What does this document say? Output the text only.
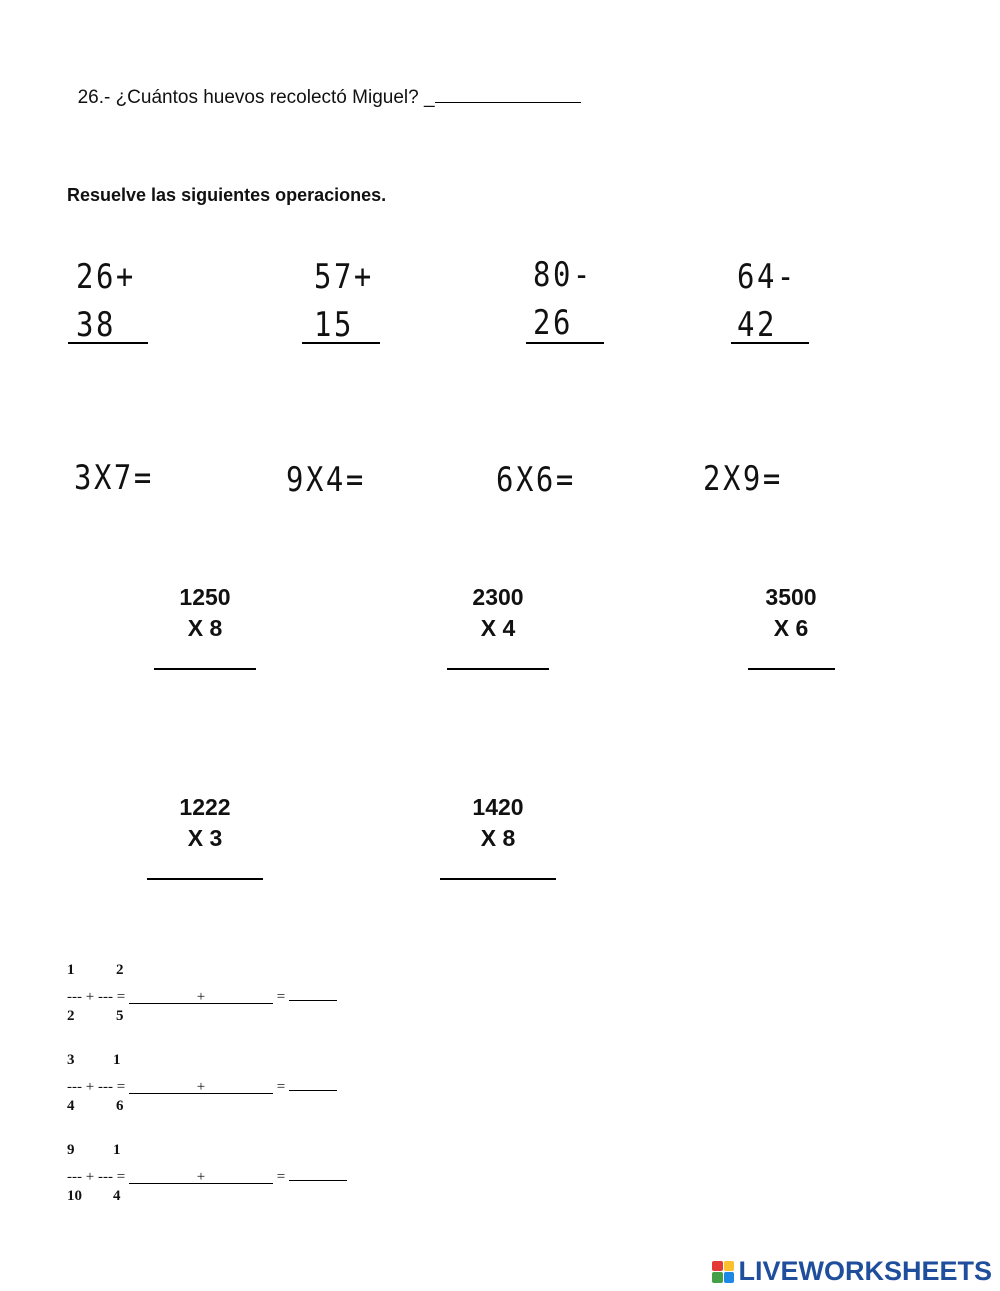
26.- ¿Cuántos huevos recolectó Miguel? _

Resuelve las siguientes operaciones.
26+
38
57+
15
80-
26
64-
42
3X7=	9X4=	6X6=	2X9=
1250
X 8
2300
X 4
3500
X 6
1222
X 3
1420
X 8
1	2
--- + --- =	+	=
2	5
3	1
--- + --- =	+	=
4	6
9	1
--- + --- =	+	=
10 4
LIVEWORKSHEETS
